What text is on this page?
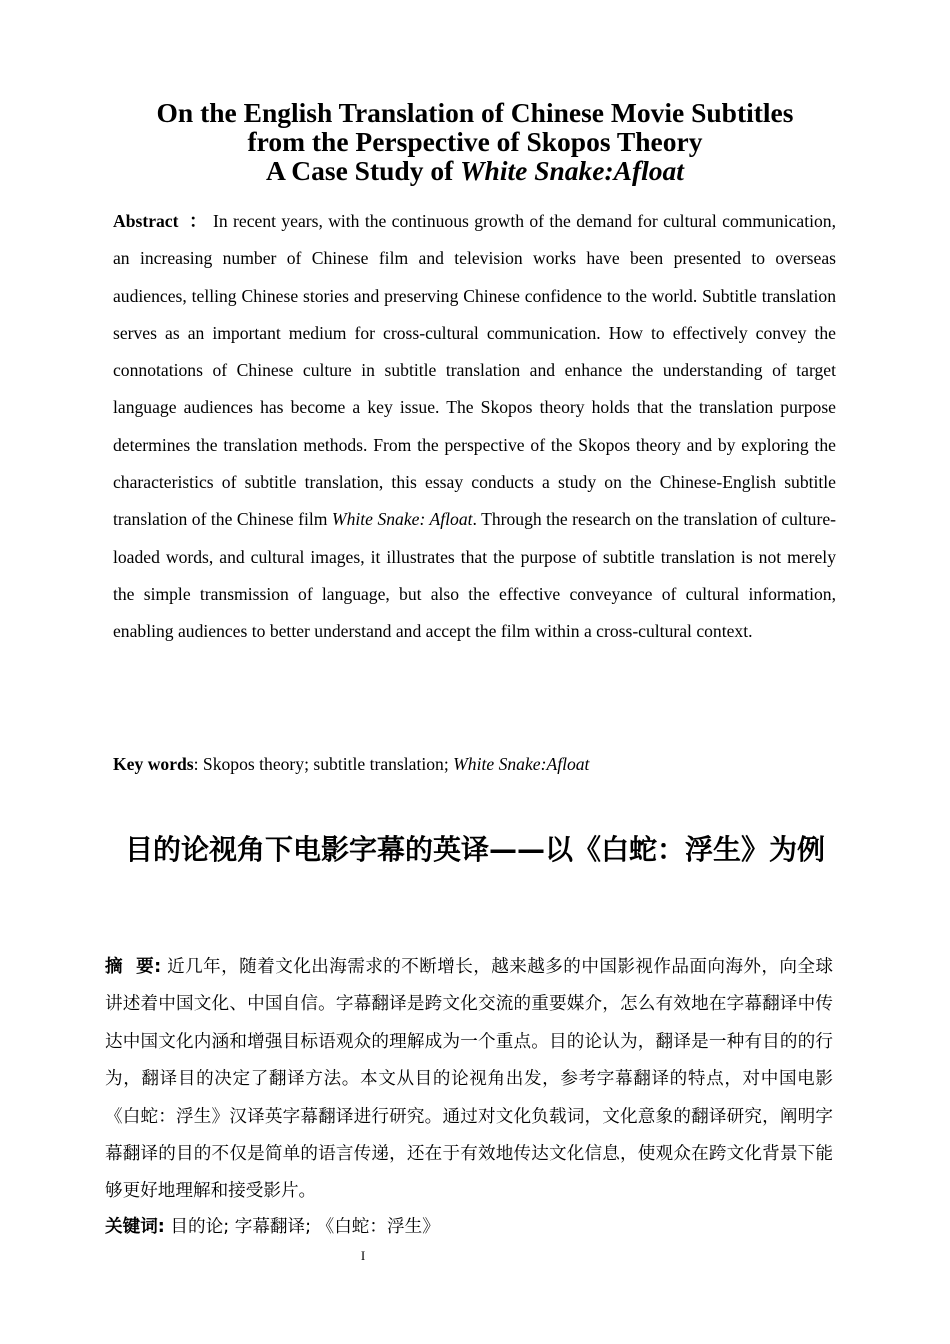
On the English Translation of Chinese Movie Subtitles
from the Perspective of Skopos Theory
A Case Study of White Snake:Afloat
Abstract ： In recent years, with the continuous growth of the demand for cultural communication, an increasing number of Chinese film and television works have been presented to overseas audiences, telling Chinese stories and preserving Chinese confidence to the world. Subtitle translation serves as an important medium for cross-cultural communication. How to effectively convey the connotations of Chinese culture in subtitle translation and enhance the understanding of target language audiences has become a key issue. The Skopos theory holds that the translation purpose determines the translation methods. From the perspective of the Skopos theory and by exploring the characteristics of subtitle translation, this essay conducts a study on the Chinese-English subtitle translation of the Chinese film White Snake: Afloat. Through the research on the translation of culture-loaded words, and cultural images, it illustrates that the purpose of subtitle translation is not merely the simple transmission of language, but also the effective conveyance of cultural information, enabling audiences to better understand and accept the film within a cross-cultural context.
Key words: Skopos theory; subtitle translation; White Snake:Afloat
目的论视角下电影字幕的英译——以《白蛇：浮生》为例
摘  要: 近几年，随着文化出海需求的不断增长，越来越多的中国影视作品面向海外，向全球讲述着中国文化、中国自信。字幕翻译是跨文化交流的重要媒介，怎么有效地在字幕翻译中传达中国文化内涵和增强目标语观众的理解成为一个重点。目的论认为，翻译是一种有目的的行为，翻译目的决定了翻译方法。本文从目的论视角出发，参考字幕翻译的特点，对中国电影《白蛇：浮生》汉译英字幕翻译进行研究。通过对文化负载词，文化意象的翻译研究，阐明字幕翻译的目的不仅是简单的语言传递，还在于有效地传达文化信息，使观众在跨文化背景下能够更好地理解和接受影片。
关键词: 目的论; 字幕翻译; 《白蛇：浮生》
I
